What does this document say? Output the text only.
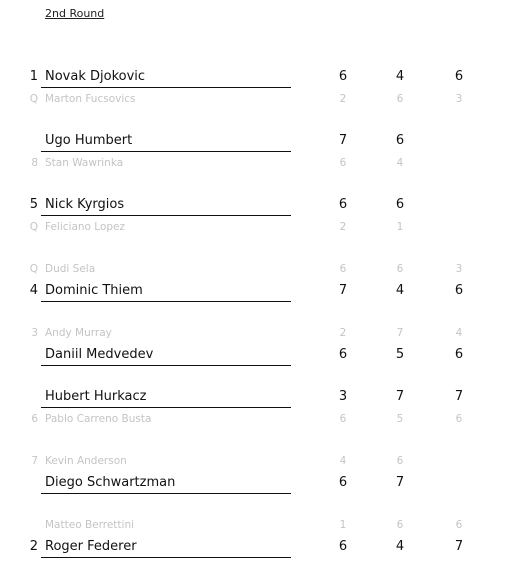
2nd Round
1 Novak Djokovic	6	4	6
Q Marton Fucsovics	2	6	3
Ugo Humbert	7	6
8 Stan Wawrinka	6	4
5 Nick Kyrgios	6	6
Q Feliciano Lopez	2	1
Q Dudi Sela	6	6	3
4 Dominic Thiem	7	4	6
3 Andy Murray	2	7	4
Daniil Medvedev	6	5	6
Hubert Hurkacz	3	7	7
6 Pablo Carreno Busta	6	5	6
7 Kevin Anderson	4	6
Diego Schwartzman	6	7
Matteo Berrettini	1	6	6
2 Roger Federer	6	4	7
